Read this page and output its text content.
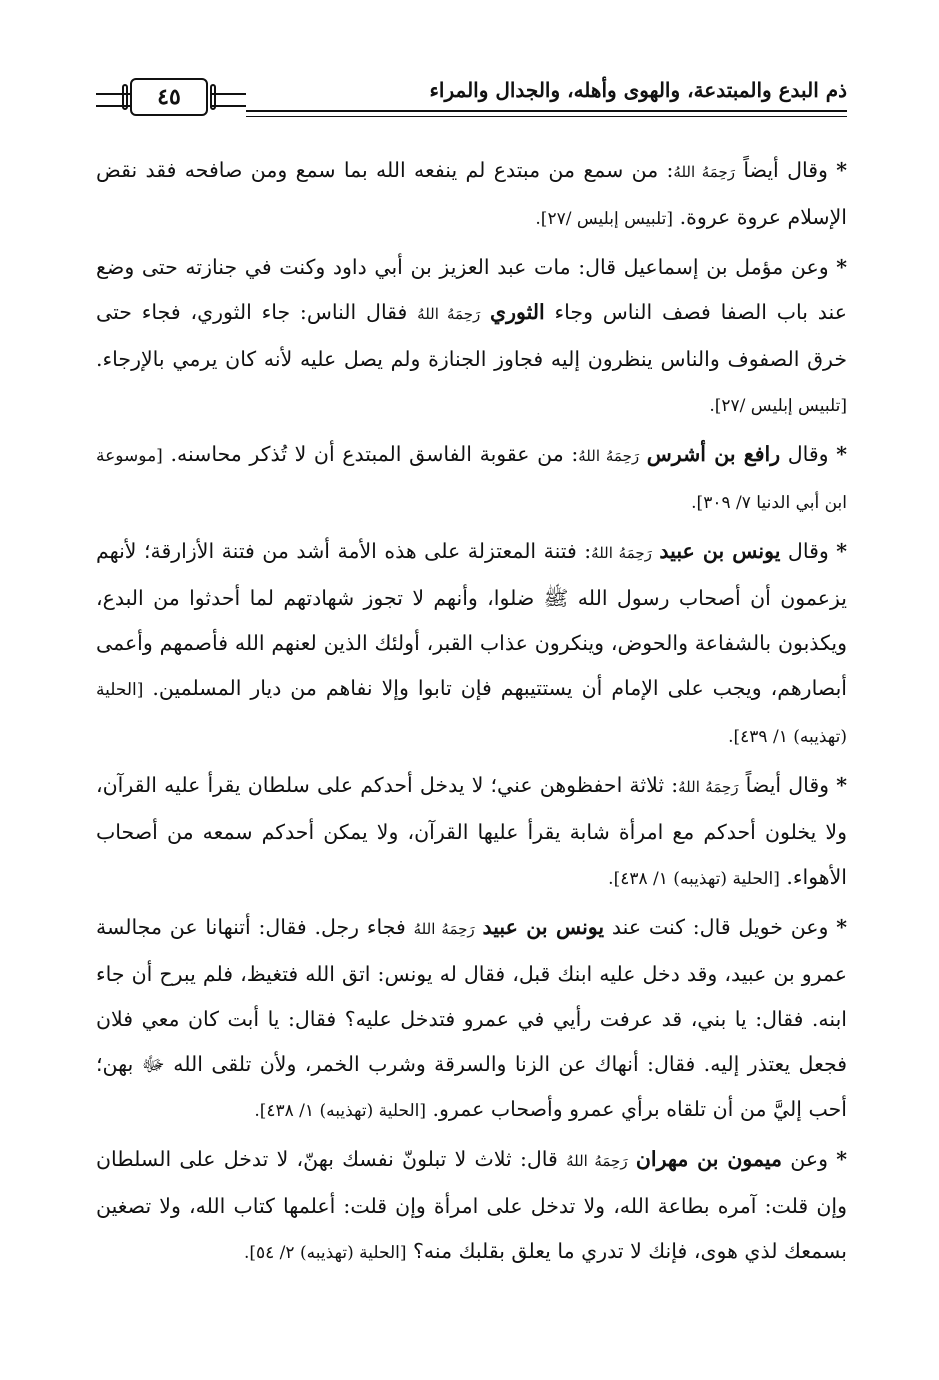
ذم البدع والمبتدعة، والهوى وأهله، والجدال والمراء
٤٥

* وقال أيضاً رَحِمَهُ اللهُ: من سمع من مبتدع لم ينفعه الله بما سمع ومن صافحه فقد نقض الإسلام عروة عروة. [تلبيس إبليس /٢٧].

* وعن مؤمل بن إسماعيل قال: مات عبد العزيز بن أبي داود وكنت في جنازته حتى وضع عند باب الصفا فصف الناس وجاء الثوري رَحِمَهُ اللهُ فقال الناس: جاء الثوري، فجاء حتى خرق الصفوف والناس ينظرون إليه فجاوز الجنازة ولم يصل عليه لأنه كان يرمي بالإرجاء. [تلبيس إبليس /٢٧].

* وقال رافع بن أشرس رَحِمَهُ اللهُ: من عقوبة الفاسق المبتدع أن لا تُذكر محاسنه. [موسوعة ابن أبي الدنيا ٧/ ٣٠٩].

* وقال يونس بن عبيد رَحِمَهُ اللهُ: فتنة المعتزلة على هذه الأمة أشد من فتنة الأزارقة؛ لأنهم يزعمون أن أصحاب رسول الله ﷺ ضلوا، وأنهم لا تجوز شهادتهم لما أحدثوا من البدع، ويكذبون بالشفاعة والحوض، وينكرون عذاب القبر، أولئك الذين لعنهم الله فأصمهم وأعمى أبصارهم، ويجب على الإمام أن يستتيبهم فإن تابوا وإلا نفاهم من ديار المسلمين. [الحلية (تهذيبه) ١/ ٤٣٩].

* وقال أيضاً رَحِمَهُ اللهُ: ثلاثة احفظوهن عني؛ لا يدخل أحدكم على سلطان يقرأ عليه القرآن، ولا يخلون أحدكم مع امرأة شابة يقرأ عليها القرآن، ولا يمكن أحدكم سمعه من أصحاب الأهواء. [الحلية (تهذيبه) ١/ ٤٣٨].

* وعن خويل قال: كنت عند يونس بن عبيد رَحِمَهُ اللهُ فجاء رجل. فقال: أتنهانا عن مجالسة عمرو بن عبيد، وقد دخل عليه ابنك قبل، فقال له يونس: اتق الله فتغيظ، فلم يبرح أن جاء ابنه. فقال: يا بني، قد عرفت رأيي في عمرو فتدخل عليه؟ فقال: يا أبت كان معي فلان فجعل يعتذر إليه. فقال: أنهاك عن الزنا والسرقة وشرب الخمر، ولأن تلقى الله ﷻ بهن؛ أحب إليَّ من أن تلقاه برأي عمرو وأصحاب عمرو. [الحلية (تهذيبه) ١/ ٤٣٨].

* وعن ميمون بن مهران رَحِمَهُ اللهُ قال: ثلاث لا تبلونّ نفسك بهنّ، لا تدخل على السلطان وإن قلت: آمره بطاعة الله، ولا تدخل على امرأة وإن قلت: أعلمها كتاب الله، ولا تصغين بسمعك لذي هوى، فإنك لا تدري ما يعلق بقلبك منه؟ [الحلية (تهذيبه) ٢/ ٥٤].
